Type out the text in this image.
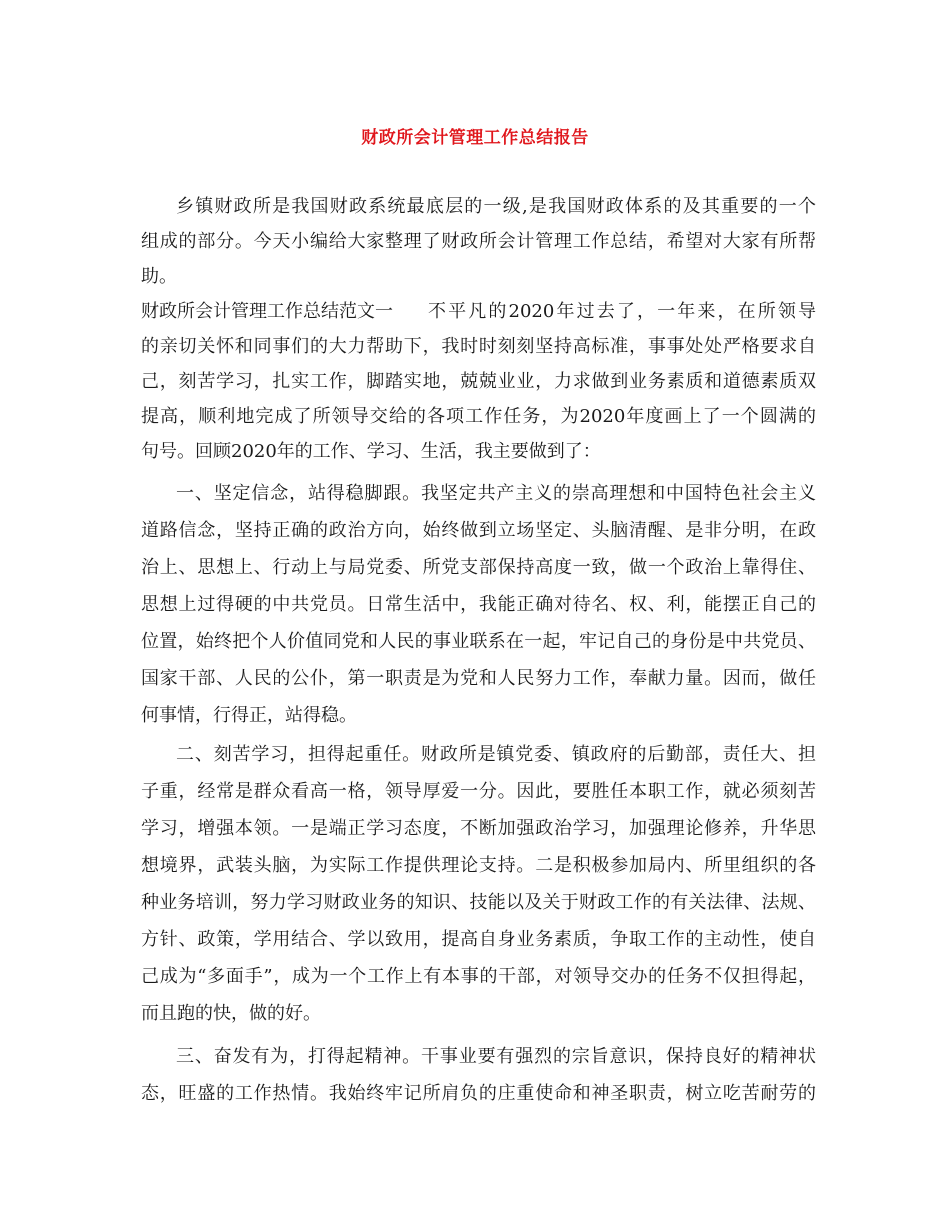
财政所会计管理工作总结报告
乡镇财政所是我国财政系统最底层的一级,是我国财政体系的及其重要的一个
组成的部分。今天小编给大家整理了财政所会计管理工作总结，希望对大家有所帮
助。
财政所会计管理工作总结范文一 不平凡的2020年过去了，一年来，在所领导
的亲切关怀和同事们的大力帮助下，我时时刻刻坚持高标准，事事处处严格要求自
己，刻苦学习，扎实工作，脚踏实地，兢兢业业，力求做到业务素质和道德素质双
提高，顺利地完成了所领导交给的各项工作任务，为2020年度画上了一个圆满的
句号。回顾2020年的工作、学习、生活，我主要做到了：
一、坚定信念，站得稳脚跟。我坚定共产主义的崇高理想和中国特色社会主义
道路信念，坚持正确的政治方向，始终做到立场坚定、头脑清醒、是非分明，在政
治上、思想上、行动上与局党委、所党支部保持高度一致，做一个政治上靠得住、
思想上过得硬的中共党员。日常生活中，我能正确对待名、权、利，能摆正自己的
位置，始终把个人价值同党和人民的事业联系在一起，牢记自己的身份是中共党员、
国家干部、人民的公仆，第一职责是为党和人民努力工作，奉献力量。因而，做任
何事情，行得正，站得稳。
二、刻苦学习，担得起重任。财政所是镇党委、镇政府的后勤部，责任大、担
子重，经常是群众看高一格，领导厚爱一分。因此，要胜任本职工作，就必须刻苦
学习，增强本领。一是端正学习态度，不断加强政治学习，加强理论修养，升华思
想境界，武装头脑，为实际工作提供理论支持。二是积极参加局内、所里组织的各
种业务培训，努力学习财政业务的知识、技能以及关于财政工作的有关法律、法规、
方针、政策，学用结合、学以致用，提高自身业务素质，争取工作的主动性，使自
己成为“多面手”，成为一个工作上有本事的干部，对领导交办的任务不仅担得起，
而且跑的快，做的好。
三、奋发有为，打得起精神。干事业要有强烈的宗旨意识，保持良好的精神状
态，旺盛的工作热情。我始终牢记所肩负的庄重使命和神圣职责，树立吃苦耐劳的
